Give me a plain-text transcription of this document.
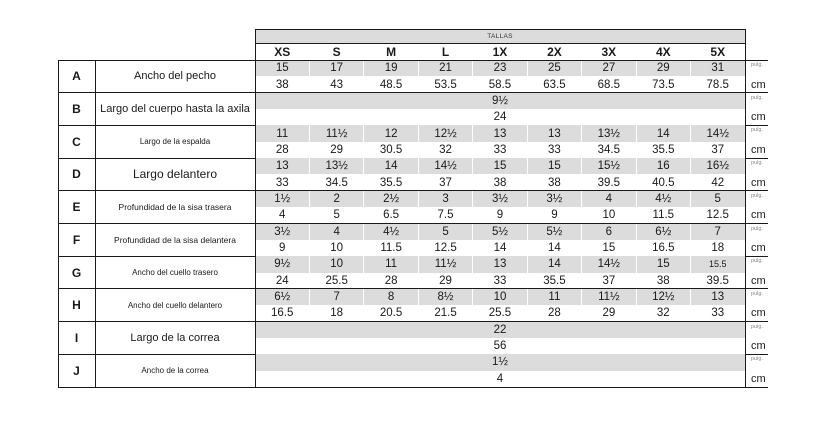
TALLAS
XS	S	M	L	1X	2X	3X	4X	5X
A	Ancho del pecho
15	17	19	21	23	25	27	29	31
38	43	48.5	53.5	58.5	63.5	68.5	73.5	78.5
pulg.
cm
B	Largo del cuerpo hasta la axila
9½
24
pulg.
cm
C	Largo de la espalda
11	11½	12	12½	13	13	13½	14	14½
28	29	30.5	32	33	33	34.5	35.5	37
pulg.
cm
D	Largo delantero
13	13½	14	14½	15	15	15½	16	16½
33	34.5	35.5	37	38	38	39.5	40.5	42
pulg.
cm
E	Profundidad de la sisa trasera
1½	2	2½	3	3½	3½	4	4½	5
4	5	6.5	7.5	9	9	10	11.5	12.5
pulg.
cm
F	Profundidad de la sisa delantera
3½	4	4½	5	5½	5½	6	6½	7
9	10	11.5	12.5	14	14	15	16.5	18
pulg.
cm
G	Ancho del cuello trasero
9½	10	11	11½	13	14	14½	15	15.5
24	25.5	28	29	33	35.5	37	38	39.5
pulg.
cm
H	Ancho del cuello delantero
6½	7	8	8½	10	11	11½	12½	13
16.5	18	20.5	21.5	25.5	28	29	32	33
pulg.
cm
I	Largo de la correa
22
56
pulg.
cm
J	Ancho de la correa
1½
4
pulg.
cm
